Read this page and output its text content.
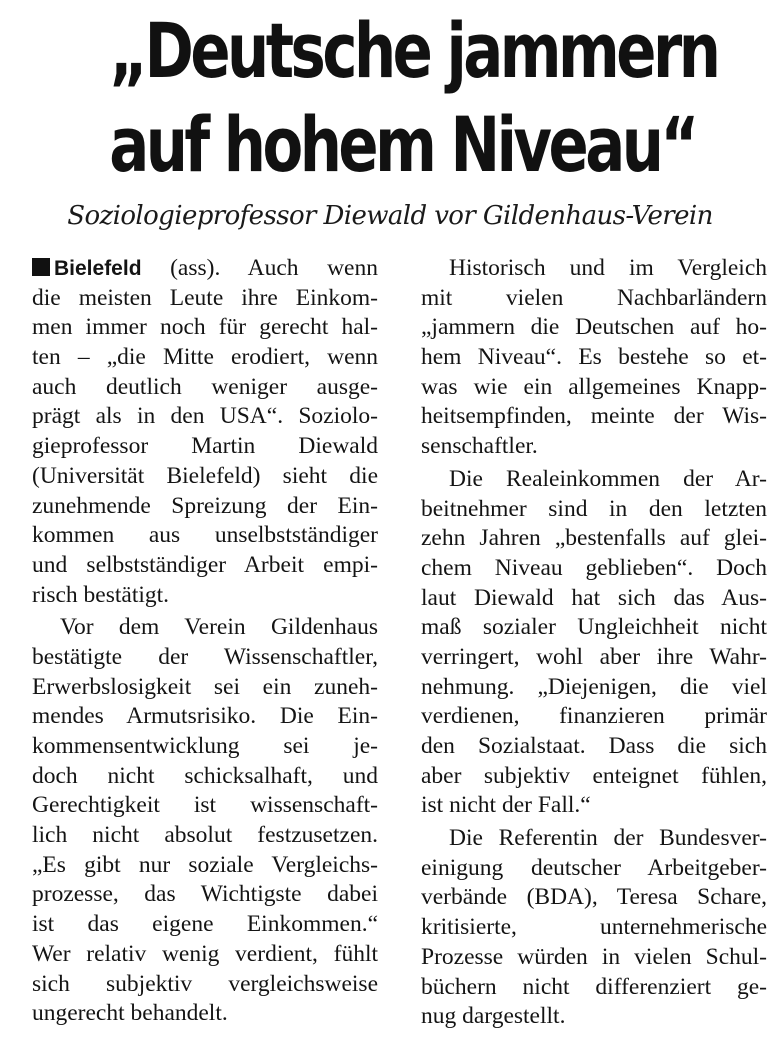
„Deutsche jammern
auf hohem Niveau“

Soziologieprofessor Diewald vor Gildenhaus-Verein

Bielefeld (ass). Auch wenn
die meisten Leute ihre Einkom-
men immer noch für gerecht hal-
ten – „die Mitte erodiert, wenn
auch deutlich weniger ausge-
prägt als in den USA“. Soziolo-
gieprofessor Martin Diewald
(Universität Bielefeld) sieht die
zunehmende Spreizung der Ein-
kommen aus unselbstständiger
und selbstständiger Arbeit empi-
risch bestätigt.
Vor dem Verein Gildenhaus
bestätigte der Wissenschaftler,
Erwerbslosigkeit sei ein zuneh-
mendes Armutsrisiko. Die Ein-
kommensentwicklung sei je-
doch nicht schicksalhaft, und
Gerechtigkeit ist wissenschaft-
lich nicht absolut festzusetzen.
„Es gibt nur soziale Vergleichs-
prozesse, das Wichtigste dabei
ist das eigene Einkommen.“
Wer relativ wenig verdient, fühlt
sich subjektiv vergleichsweise
ungerecht behandelt.
Historisch und im Vergleich
mit vielen Nachbarländern
„jammern die Deutschen auf ho-
hem Niveau“. Es bestehe so et-
was wie ein allgemeines Knapp-
heitsempfinden, meinte der Wis-
senschaftler.
Die Realeinkommen der Ar-
beitnehmer sind in den letzten
zehn Jahren „bestenfalls auf glei-
chem Niveau geblieben“. Doch
laut Diewald hat sich das Aus-
maß sozialer Ungleichheit nicht
verringert, wohl aber ihre Wahr-
nehmung. „Diejenigen, die viel
verdienen, finanzieren primär
den Sozialstaat. Dass die sich
aber subjektiv enteignet fühlen,
ist nicht der Fall.“
Die Referentin der Bundesver-
einigung deutscher Arbeitgeber-
verbände (BDA), Teresa Schare,
kritisierte, unternehmerische
Prozesse würden in vielen Schul-
büchern nicht differenziert ge-
nug dargestellt.
